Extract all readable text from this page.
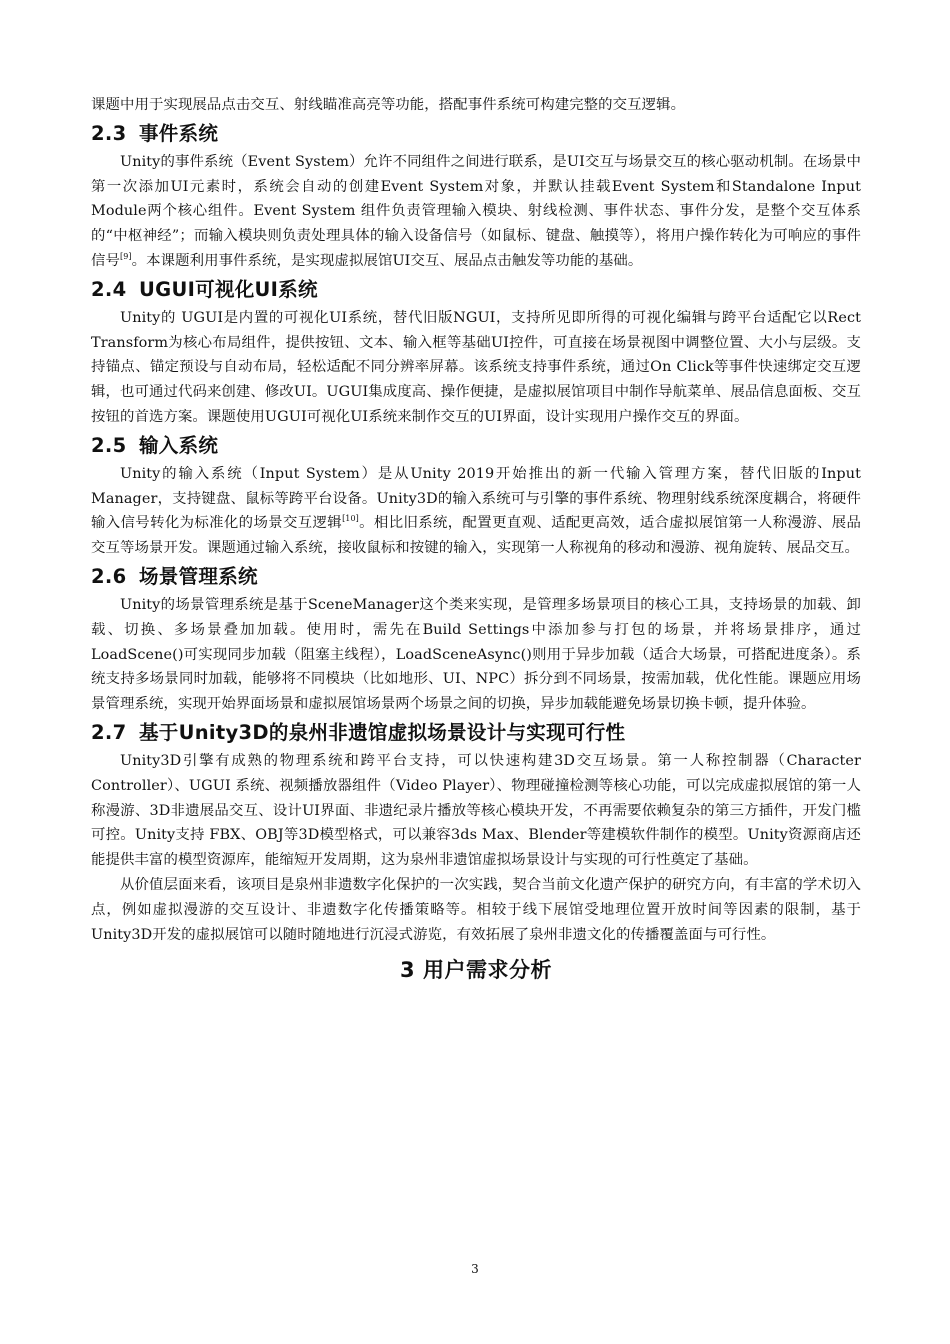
课题中用于实现展品点击交互、射线瞄准高亮等功能，搭配事件系统可构建完整的交互逻辑。

2.3 事件系统

Unity的事件系统（Event System）允许不同组件之间进行联系，是UI交互与场景交互的核心驱动机制。在场景中第一次添加UI元素时，系统会自动的创建Event System对象，并默认挂载Event System和Standalone Input Module两个核心组件。Event System 组件负责管理输入模块、射线检测、事件状态、事件分发，是整个交互体系的“中枢神经”；而输入模块则负责处理具体的输入设备信号（如鼠标、键盘、触摸等），将用户操作转化为可响应的事件信号[9]。本课题利用事件系统，是实现虚拟展馆UI交互、展品点击触发等功能的基础。

2.4 UGUI可视化UI系统

Unity的 UGUI是内置的可视化UI系统，替代旧版NGUI，支持所见即所得的可视化编辑与跨平台适配它以Rect Transform为核心布局组件，提供按钮、文本、输入框等基础UI控件，可直接在场景视图中调整位置、大小与层级。支持锚点、锚定预设与自动布局，轻松适配不同分辨率屏幕。该系统支持事件系统，通过On Click等事件快速绑定交互逻辑，也可通过代码来创建、修改UI。UGUI集成度高、操作便捷，是虚拟展馆项目中制作导航菜单、展品信息面板、交互按钮的首选方案。课题使用UGUI可视化UI系统来制作交互的UI界面，设计实现用户操作交互的界面。

2.5 输入系统

Unity的输入系统（Input System）是从Unity 2019开始推出的新一代输入管理方案，替代旧版的Input Manager，支持键盘、鼠标等跨平台设备。Unity3D的输入系统可与引擎的事件系统、物理射线系统深度耦合，将硬件输入信号转化为标准化的场景交互逻辑[10]。相比旧系统，配置更直观、适配更高效，适合虚拟展馆第一人称漫游、展品交互等场景开发。课题通过输入系统，接收鼠标和按键的输入，实现第一人称视角的移动和漫游、视角旋转、展品交互。

2.6 场景管理系统

Unity的场景管理系统是基于SceneManager这个类来实现，是管理多场景项目的核心工具，支持场景的加载、卸载、切换、多场景叠加加载。使用时，需先在Build Settings中添加参与打包的场景，并将场景排序，通过LoadScene()可实现同步加载（阻塞主线程），LoadSceneAsync()则用于异步加载（适合大场景，可搭配进度条）。系统支持多场景同时加载，能够将不同模块（比如地形、UI、NPC）拆分到不同场景，按需加载，优化性能。课题应用场景管理系统，实现开始界面场景和虚拟展馆场景两个场景之间的切换，异步加载能避免场景切换卡顿，提升体验。

2.7 基于Unity3D的泉州非遗馆虚拟场景设计与实现可行性

Unity3D引擎有成熟的物理系统和跨平台支持，可以快速构建3D交互场景。第一人称控制器（Character Controller）、UGUI 系统、视频播放器组件（Video Player）、物理碰撞检测等核心功能，可以完成虚拟展馆的第一人称漫游、3D非遗展品交互、设计UI界面、非遗纪录片播放等核心模块开发，不再需要依赖复杂的第三方插件，开发门槛可控。Unity支持 FBX、OBJ等3D模型格式，可以兼容3ds Max、Blender等建模软件制作的模型。Unity资源商店还能提供丰富的模型资源库，能缩短开发周期，这为泉州非遗馆虚拟场景设计与实现的可行性奠定了基础。

从价值层面来看，该项目是泉州非遗数字化保护的一次实践，契合当前文化遗产保护的研究方向，有丰富的学术切入点，例如虚拟漫游的交互设计、非遗数字化传播策略等。相较于线下展馆受地理位置开放时间等因素的限制，基于Unity3D开发的虚拟展馆可以随时随地进行沉浸式游览，有效拓展了泉州非遗文化的传播覆盖面与可行性。

3 用户需求分析
3
